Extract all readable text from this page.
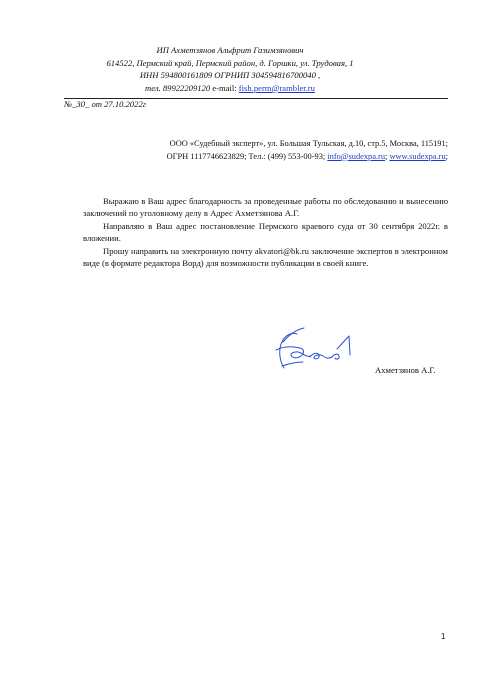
ИП Ахметзянов Альфрит Газимзянович
614522, Пермский край, Пермский район, д. Горшки, ул. Трудовая, 1
ИНН 594800161809 ОГРНИП 304594816700040 ,
тел. 89922209120 e-mail: fish.perm@rambler.ru
№_30_ от 27.10.2022г
ООО «Судебный эксперт», ул. Большая Тульская, д.10, стр.5, Москва, 115191;
ОГРН 1117746623829; Тел.: (499) 553-00-93; info@sudexpa.ru; www.sudexpa.ru;

Выражаю в Ваш адрес благодарность за проведенные работы по обследованию и вынесению заключений по уголовному делу в Адрес Ахметзянова А.Г.

Направляю в Ваш адрес постановление Пермского краевого суда от 30 сентября 2022г. в вложении.

Прошу направить на электронную почту akvatori@bk.ru заключение экспертов в электронном виде (в формате редактора Ворд) для возможности публикации в своей книге.

Ахметзянов А.Г.
1
